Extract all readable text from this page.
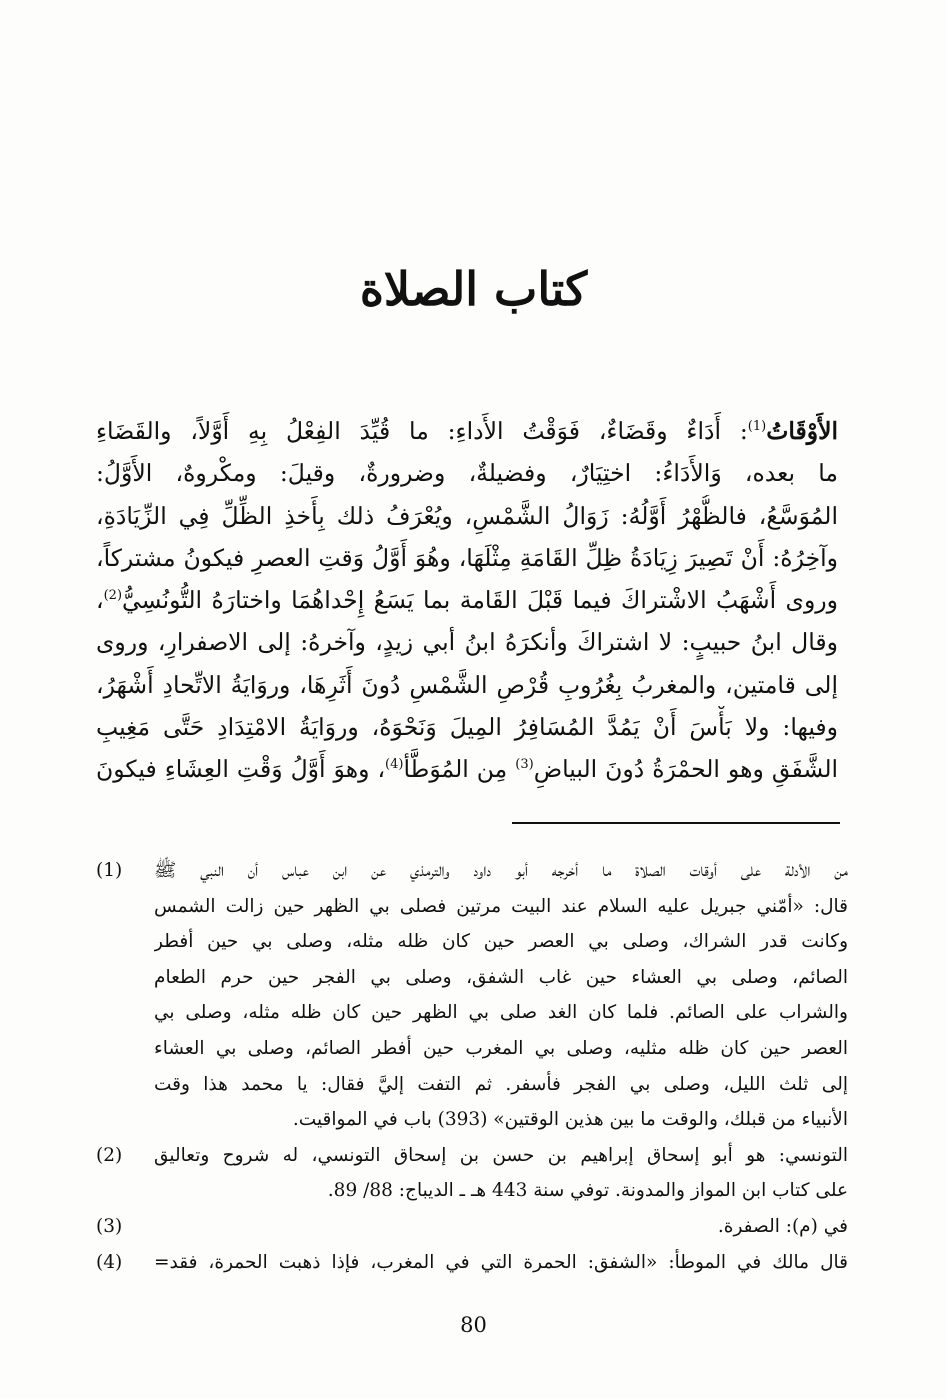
كتاب الصلاة
الأَوْقَاتُ$^{(1)}$: أَدَاءٌ وقَضَاءٌ، فَوَقْتُ الأَداءِ: ما قُيِّدَ الفِعْلُ بِهِ أَوَّلاً، والقَضَاءِ
ما بعده، وَالأَدَاءُ: اختِيَارٌ، وفضيلةٌ، وضرورةٌ، وقيلَ: ومكْروهٌ، الأَوَّلُ:
المُوَسَّعُ، فالظُّهْرُ أَوَّلُهُ: زَوَالُ الشَّمْسِ، ويُعْرَفُ ذلك بِأَخذِ الظِّلِّ فِي الزِّيَادَةِ،
وآخِرُهُ: أَنْ تَصِيرَ زِيَادَةُ ظِلِّ القَامَةِ مِثْلَهَا، وهُوَ أَوَّلُ وَقتِ العصرِ فيكونُ مشتركاً،
وروى أَشْهَبُ الاشْتراكَ فيما قَبْلَ القَامة بما يَسَعُ إِحْداهُمَا واختارَهُ التُّونُسِيُّ$^{(2)}$،
وقال ابنُ حبيبٍ: لا اشتراكَ وأنكرَهُ ابنُ أبي زيدٍ، وآخرهُ: إلى الاصفرارِ، وروى
إلى قامتين، والمغربُ بِغُرُوبِ قُرْصِ الشَّمْسِ دُونَ أَثَرِهَا، وروَايَةُ الاتِّحادِ أَشْهَرُ،
وفيها: ولا بَأْسَ أَنْ يَمُدَّ المُسَافِرُ المِيلَ وَنَحْوَهُ، وروَايَةُ الامْتِدَادِ حَتَّى مَغِيبِ
الشَّفَقِ وهو الحمْرَةُ دُونَ البياضِ$^{(3)}$ مِن المُوَطَّأ$^{(4)}$، وهوَ أَوَّلُ وَقْتِ العِشَاءِ فيكونَ
من الأدلة على أوقات الصلاة ما أخرجه أبو داود والترمذي عن ابن عباس أن النبي ﷺ
قال: «أمّني جبريل عليه السلام عند البيت مرتين فصلى بي الظهر حين زالت الشمس
وكانت قدر الشراك، وصلى بي العصر حين كان ظله مثله، وصلى بي حين أفطر
الصائم، وصلى بي العشاء حين غاب الشفق، وصلى بي الفجر حين حرم الطعام
والشراب على الصائم. فلما كان الغد صلى بي الظهر حين كان ظله مثله، وصلى بي
العصر حين كان ظله مثليه، وصلى بي المغرب حين أفطر الصائم، وصلى بي العشاء
إلى ثلث الليل، وصلى بي الفجر فأسفر. ثم التفت إليَّ فقال: يا محمد هذا وقت
الأنبياء من قبلك، والوقت ما بين هذين الوقتين» (393) باب في المواقيت.
(1)
التونسي: هو أبو إسحاق إبراهيم بن حسن بن إسحاق التونسي، له شروح وتعاليق
على كتاب ابن المواز والمدونة. توفي سنة 443 هـ ـ الديباج: 88/ 89.
(2)
في (م): الصفرة.
(3)
قال مالك في الموطأ: «الشفق: الحمرة التي في المغرب، فإذا ذهبت الحمرة، فقد=
(4)
80
